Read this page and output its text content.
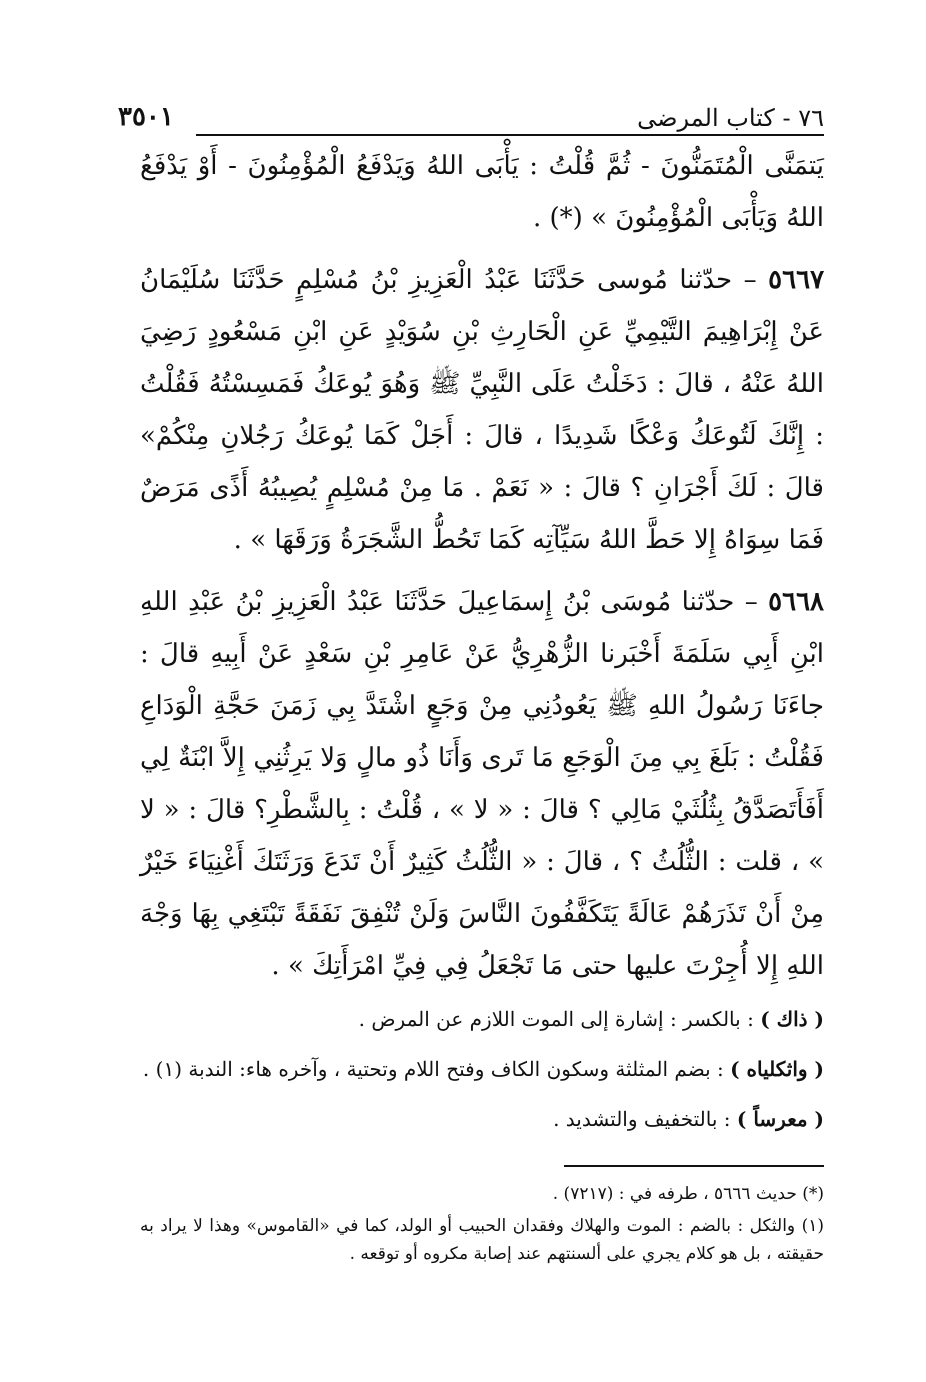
٧٦ - كتاب المرضى
٣٥٠١

يَتمَنَّى الْمُتَمَنُّونَ - ثُمَّ قُلْتُ : يَأْبَى اللهُ وَيَدْفَعُ الْمُؤْمِنُونَ - أَوْ يَدْفَعُ اللهُ وَيَأْبَى الْمُؤْمِنُونَ » (*) .

٥٦٦٧ – حدّثنا مُوسى حَدَّثَنَا عَبْدُ الْعَزِيزِ بْنُ مُسْلِمٍ حَدَّثَنَا سُلَيْمَانُ عَنْ إِبْرَاهِيمَ التَّيْمِيِّ عَنِ الْحَارِثِ بْنِ سُوَيْدٍ عَنِ ابْنِ مَسْعُودٍ رَضِيَ اللهُ عَنْهُ ، قالَ : دَخَلْتُ عَلَى النَّبِيِّ ﷺ وَهُوَ يُوعَكُ فَمَسِسْتُهُ فَقُلْتُ : إِنَّكَ لَتُوعَكُ وَعْكًا شَدِيدًا ، قالَ : أَجَلْ كَمَا يُوعَكُ رَجُلانِ مِنْكُمْ» قالَ : لَكَ أَجْرَانِ ؟ قالَ : « نَعَمْ . مَا مِنْ مُسْلِمٍ يُصِيبُهُ أَذًى مَرَضٌ فَمَا سِوَاهُ إِلا حَطَّ اللهُ سَيِّآتِه كَمَا تَحُطُّ الشَّجَرَةُ وَرَقَهَا » .

٥٦٦٨ – حدّثنا مُوسَى بْنُ إِسمَاعِيلَ حَدَّثَنَا عَبْدُ الْعَزِيزِ بْنُ عَبْدِ اللهِ ابْنِ أَبِي سَلَمَةَ أَخْبَرنا الزُّهْرِيُّ عَنْ عَامِرِ بْنِ سَعْدٍ عَنْ أَبِيهِ قالَ : جاءَنَا رَسُولُ اللهِ ﷺ يَعُودُنِي مِنْ وَجَعٍ اشْتَدَّ بِي زَمَنَ حَجَّةِ الْوَدَاعِ فَقُلْتُ : بَلَغَ بِي مِنَ الْوَجَعِ مَا تَرى وَأَنَا ذُو مالٍ وَلا يَرِثُنِي إِلاَّ ابْنَةٌ لِي أَفَأَتَصَدَّقُ بِثُلُثَيْ مَالِي ؟ قالَ : « لا » ، قُلْتُ : بِالشَّطْرِ؟ قالَ : « لا » ، قلت : الثُّلُثُ ؟ ، قالَ : « الثُّلُثُ كَثِيرٌ أَنْ تَدَعَ وَرَثَتَكَ أَغْنِيَاءَ خَيْرٌ مِنْ أَنْ تَذَرَهُمْ عَالَةً يَتَكَفَّفُونَ النَّاسَ وَلَنْ تُنْفِقَ نَفَقَةً تَبْتَغِي بِهَا وَجْهَ اللهِ إِلا أُجِرْتَ عليها حتى مَا تَجْعَلُ فِي فِيِّ امْرَأَتِكَ » .

( ذاك ) : بالكسر : إشارة إلى الموت اللازم عن المرض .

( واثكلياه ) : بضم المثلثة وسكون الكاف وفتح اللام وتحتية ، وآخره هاء: الندبة (١) .

( معرساً ) : بالتخفيف والتشديد .

(*) حديث ٥٦٦٦ ، طرفه في : (٧٢١٧) .

(١) والثكل : بالضم : الموت والهلاك وفقدان الحبيب أو الولد، كما في «القاموس» وهذا لا يراد به حقيقته ، بل هو كلام يجري على ألسنتهم عند إصابة مكروه أو توقعه .
